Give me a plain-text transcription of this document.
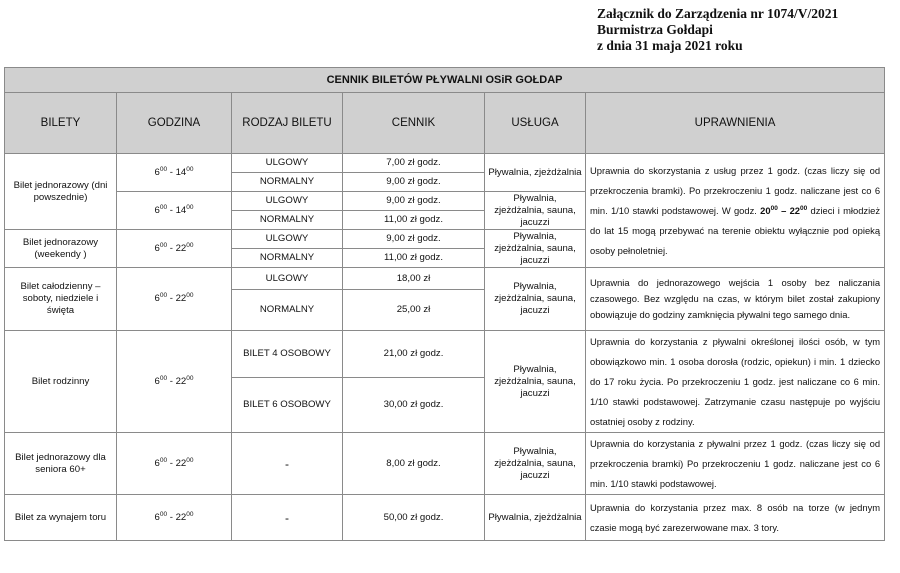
Załącznik do Zarządzenia nr 1074/V/2021
Burmistrza Gołdapi
z dnia 31 maja 2021 roku
CENNIK BILETÓW PŁYWALNI OSiR GOŁDAP					
BILETY	GODZINA	RODZAJ BILETU	CENNIK	USŁUGA	UPRAWNIENIA
Bilet jednorazowy (dni powszednie)	$6^{00} - 14^{00}$	ULGOWY	7,00 zł godz.	Pływalnia, zjeżdżalnia	Uprawnia do skorzystania z usług przez 1 godz. (czas liczy się od przekroczenia bramki). Po przekroczeniu 1 godz. naliczane jest co 6 min. 1/10 stawki podstawowej. W godz. $20^{00} - 22^{00}$ dzieci i młodzież do lat 15 mogą przebywać na terenie obiektu wyłącznie pod opieką osoby pełnoletniej.
		NORMALNY	9,00 zł godz.		
	$6^{00} - 14^{00}$	ULGOWY	9,00 zł godz.	Pływalnia, zjeżdżalnia, sauna, jacuzzi	
		NORMALNY	11,00 zł godz.		
Bilet jednorazowy (weekendy )	$6^{00} - 22^{00}$	ULGOWY	9,00 zł godz.	Pływalnia, zjeżdżalnia, sauna, jacuzzi	
		NORMALNY	11,00 zł godz.		
Bilet całodzienny – soboty, niedziele i święta	$6^{00} - 22^{00}$	ULGOWY	18,00 zł	Pływalnia, zjeżdżalnia, sauna, jacuzzi	Uprawnia do jednorazowego wejścia 1 osoby bez naliczania czasowego. Bez względu na czas, w którym bilet został zakupiony obowiązuje do godziny zamknięcia pływalni tego samego dnia.
		NORMALNY	25,00 zł		
Bilet rodzinny	$6^{00} - 22^{00}$	BILET 4 OSOBOWY	21,00 zł godz.	Pływalnia, zjeżdżalnia, sauna, jacuzzi	Uprawnia do korzystania z pływalni określonej ilości osób, w tym obowiązkowo min. 1 osoba dorosła (rodzic, opiekun) i min. 1 dziecko do 17 roku życia. Po przekroczeniu 1 godz. jest naliczane co 6 min. 1/10 stawki podstawowej. Zatrzymanie czasu następuje po wyjściu ostatniej osoby z rodziny.
		BILET 6 OSOBOWY	30,00 zł godz.		
Bilet jednorazowy dla seniora 60+	$6^{00} - 22^{00}$	-	8,00 zł godz.	Pływalnia, zjeżdżalnia, sauna, jacuzzi	Uprawnia do korzystania z pływalni przez 1 godz. (czas liczy się od przekroczenia bramki) Po przekroczeniu 1 godz. naliczane jest co 6 min. 1/10 stawki podstawowej.
Bilet za wynajem toru	$6^{00} - 22^{00}$	-	50,00 zł godz.	Pływalnia, zjeżdżalnia	Uprawnia do korzystania przez max. 8 osób na torze (w jednym czasie mogą być zarezerwowane max. 3 tory.
